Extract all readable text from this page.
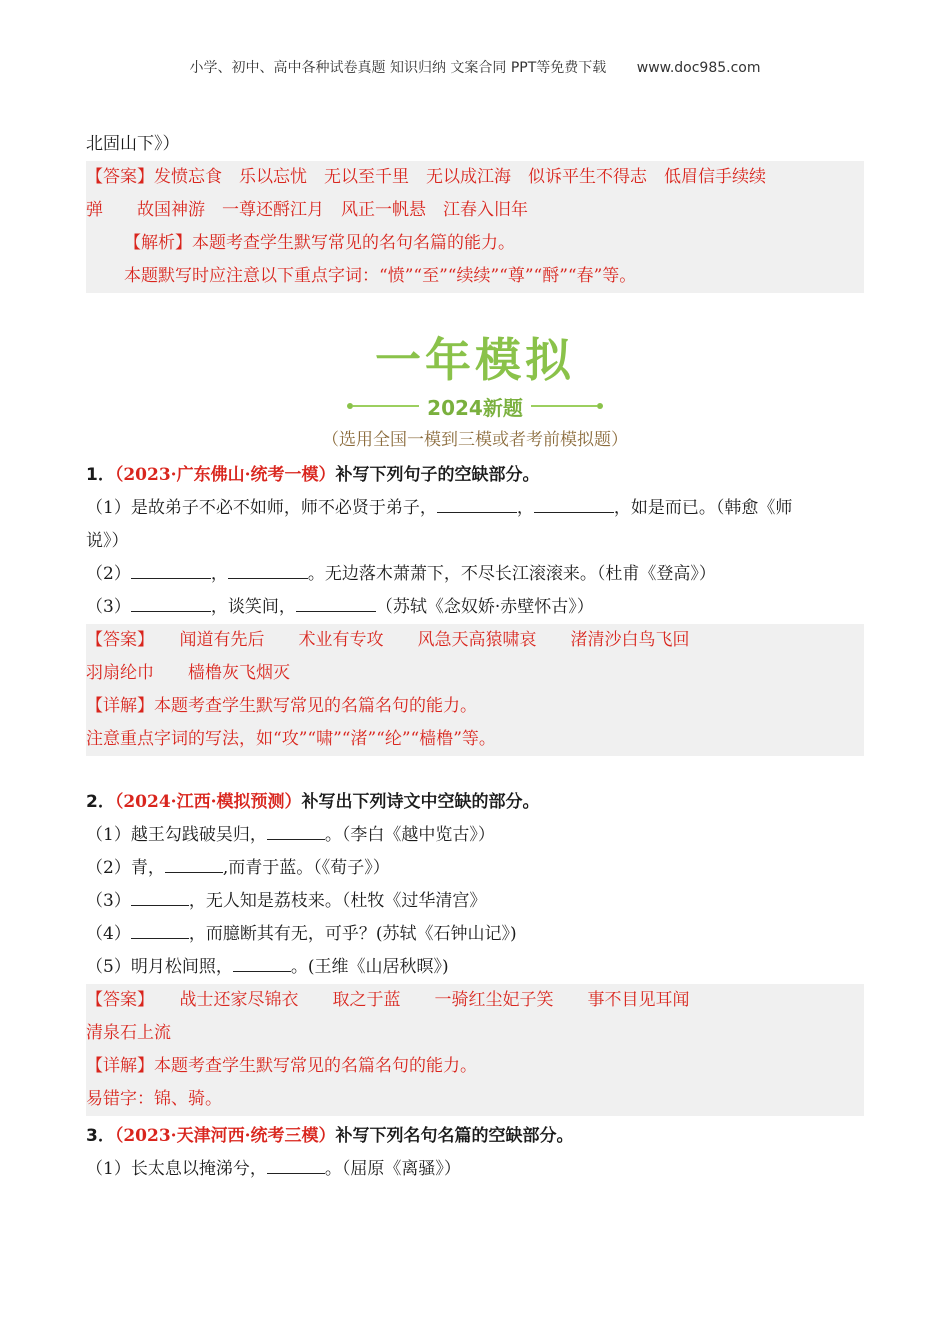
小学、初中、高中各种试卷真题 知识归纳 文案合同 PPT等免费下载 www.doc985.com
北固山下》）
【答案】发愤忘食　乐以忘忧　无以至千里　无以成江海　似诉平生不得志　低眉信手续续
弹　　故国神游　一尊还酹江月　风正一帆悬　江春入旧年
【解析】本题考查学生默写常见的名句名篇的能力。
本题默写时应注意以下重点字词：“愤”“至”“续续”“尊”“酹”“春”等。
一年模拟
2024新题
（选用全国一模到三模或者考前模拟题）
1．（2023·广东佛山·统考一模）补写下列句子的空缺部分。
（1）是故弟子不必不如师，师不必贤于弟子，	，	，如是而已。（韩愈《师
说》）
（2）	，	。无边落木萧萧下，不尽长江滚滚来。（杜甫《登高》）
（3）	，谈笑间，	（苏轼《念奴娇·赤壁怀古》）
【答案】　　闻道有先后　　术业有专攻　　风急天高猿啸哀　　渚清沙白鸟飞回
羽扇纶巾　　樯橹灰飞烟灭
【详解】本题考查学生默写常见的名篇名句的能力。
注意重点字词的写法，如“攻”“啸”“渚”“纶”“樯橹”等。
2．（2024·江西·模拟预测）补写出下列诗文中空缺的部分。
（1）越王勾践破吴归，	。（李白《越中览古》）
（2）青，	,而青于蓝。（《荀子》）
（3）	，无人知是荔枝来。（杜牧《过华清宫》
（4）	，而臆断其有无，可乎？(苏轼《石钟山记》)
（5）明月松间照，	。(王维《山居秋暝》)
【答案】　　战士还家尽锦衣　　取之于蓝　　一骑红尘妃子笑　　事不目见耳闻
清泉石上流
【详解】本题考查学生默写常见的名篇名句的能力。
易错字：锦、骑。
3．（2023·天津河西·统考三模）补写下列名句名篇的空缺部分。
（1）长太息以掩涕兮，	。（屈原《离骚》）
